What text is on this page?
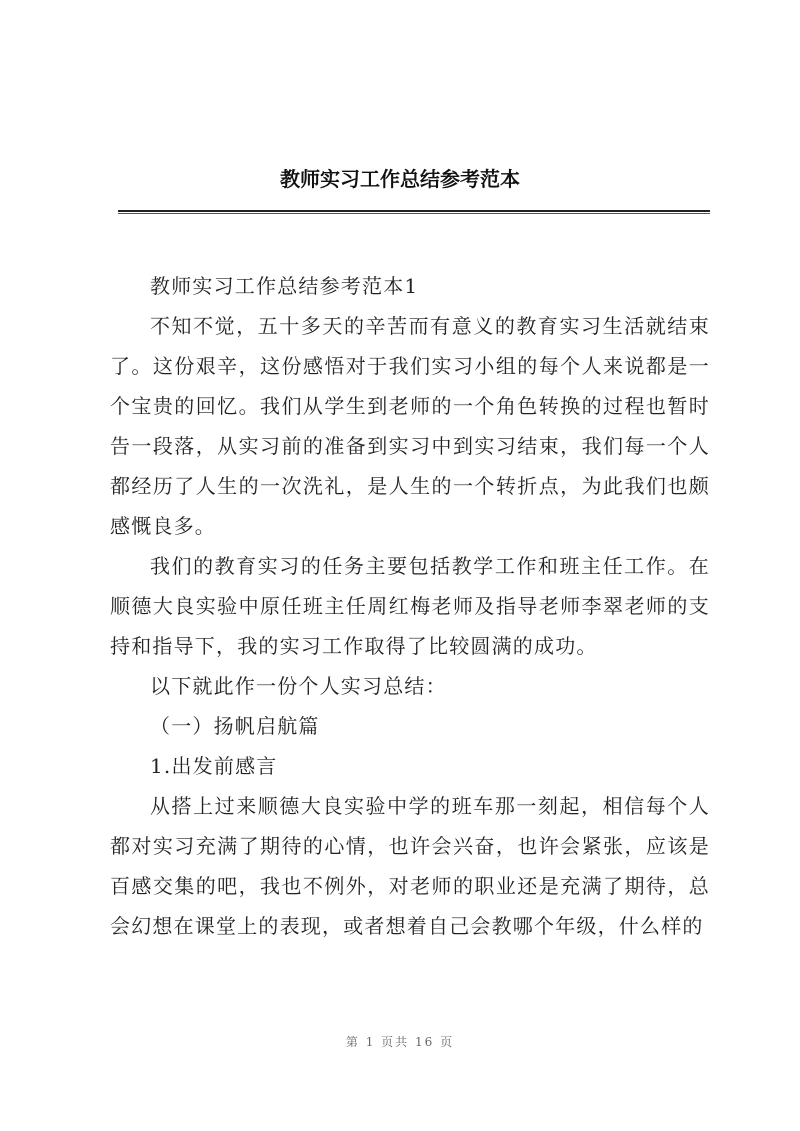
教师实习工作总结参考范本

教师实习工作总结参考范本1

不知不觉，五十多天的辛苦而有意义的教育实习生活就结束了。这份艰辛，这份感悟对于我们实习小组的每个人来说都是一个宝贵的回忆。我们从学生到老师的一个角色转换的过程也暂时告一段落，从实习前的准备到实习中到实习结束，我们每一个人都经历了人生的一次洗礼，是人生的一个转折点，为此我们也颇感慨良多。

我们的教育实习的任务主要包括教学工作和班主任工作。在顺德大良实验中原任班主任周红梅老师及指导老师李翠老师的支持和指导下，我的实习工作取得了比较圆满的成功。

以下就此作一份个人实习总结：

（一）扬帆启航篇

1.出发前感言

从搭上过来顺德大良实验中学的班车那一刻起，相信每个人都对实习充满了期待的心情，也许会兴奋，也许会紧张，应该是百感交集的吧，我也不例外，对老师的职业还是充满了期待，总会幻想在课堂上的表现，或者想着自己会教哪个年级，什么样的

第 1 页共 16 页
